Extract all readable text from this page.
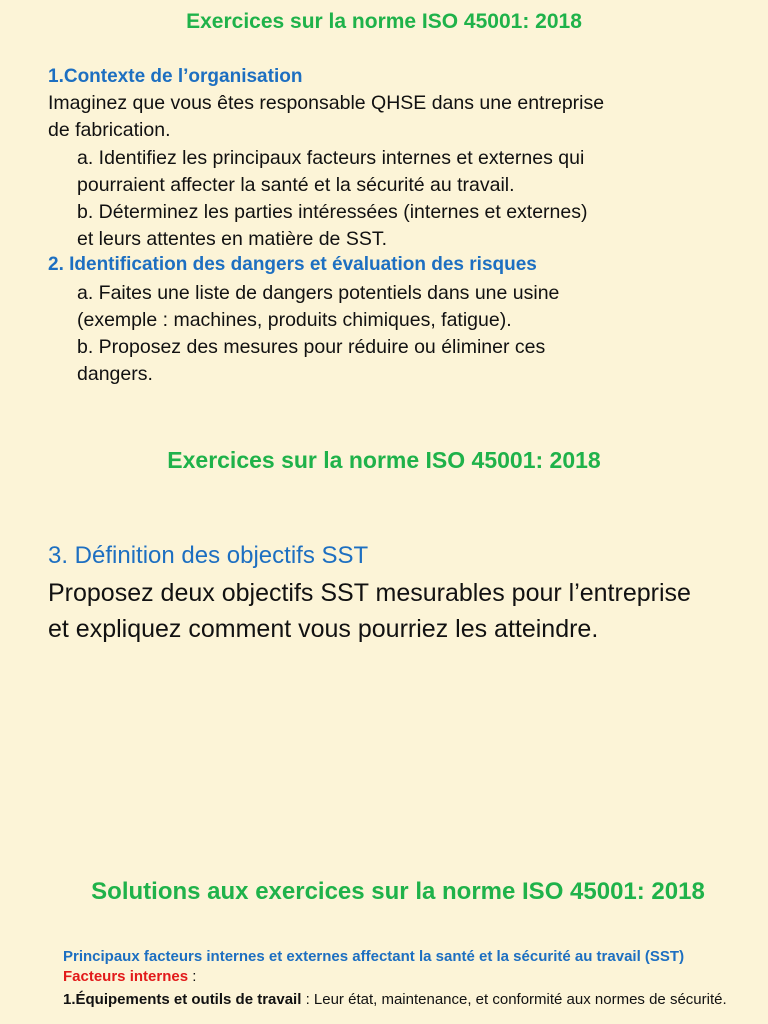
Exercices sur la norme ISO 45001: 2018
1.Contexte de l’organisation
Imaginez que vous êtes responsable QHSE dans une entreprise
de fabrication.
a. Identifiez les principaux facteurs internes et externes qui
pourraient affecter la santé et la sécurité au travail.
b. Déterminez les parties intéressées (internes et externes)
et leurs attentes en matière de SST.
2. Identification des dangers et évaluation des risques
a. Faites une liste de dangers potentiels dans une usine
(exemple : machines, produits chimiques, fatigue).
b. Proposez des mesures pour réduire ou éliminer ces
dangers.
Exercices sur la norme ISO 45001: 2018
3. Définition des objectifs SST
Proposez deux objectifs SST mesurables pour l’entreprise
et expliquez comment vous pourriez les atteindre.
Solutions aux exercices sur la norme ISO 45001: 2018
Principaux facteurs internes et externes affectant la santé et la sécurité au travail (SST)
Facteurs internes :
1.Équipements et outils de travail : Leur état, maintenance, et conformité aux normes de sécurité.
